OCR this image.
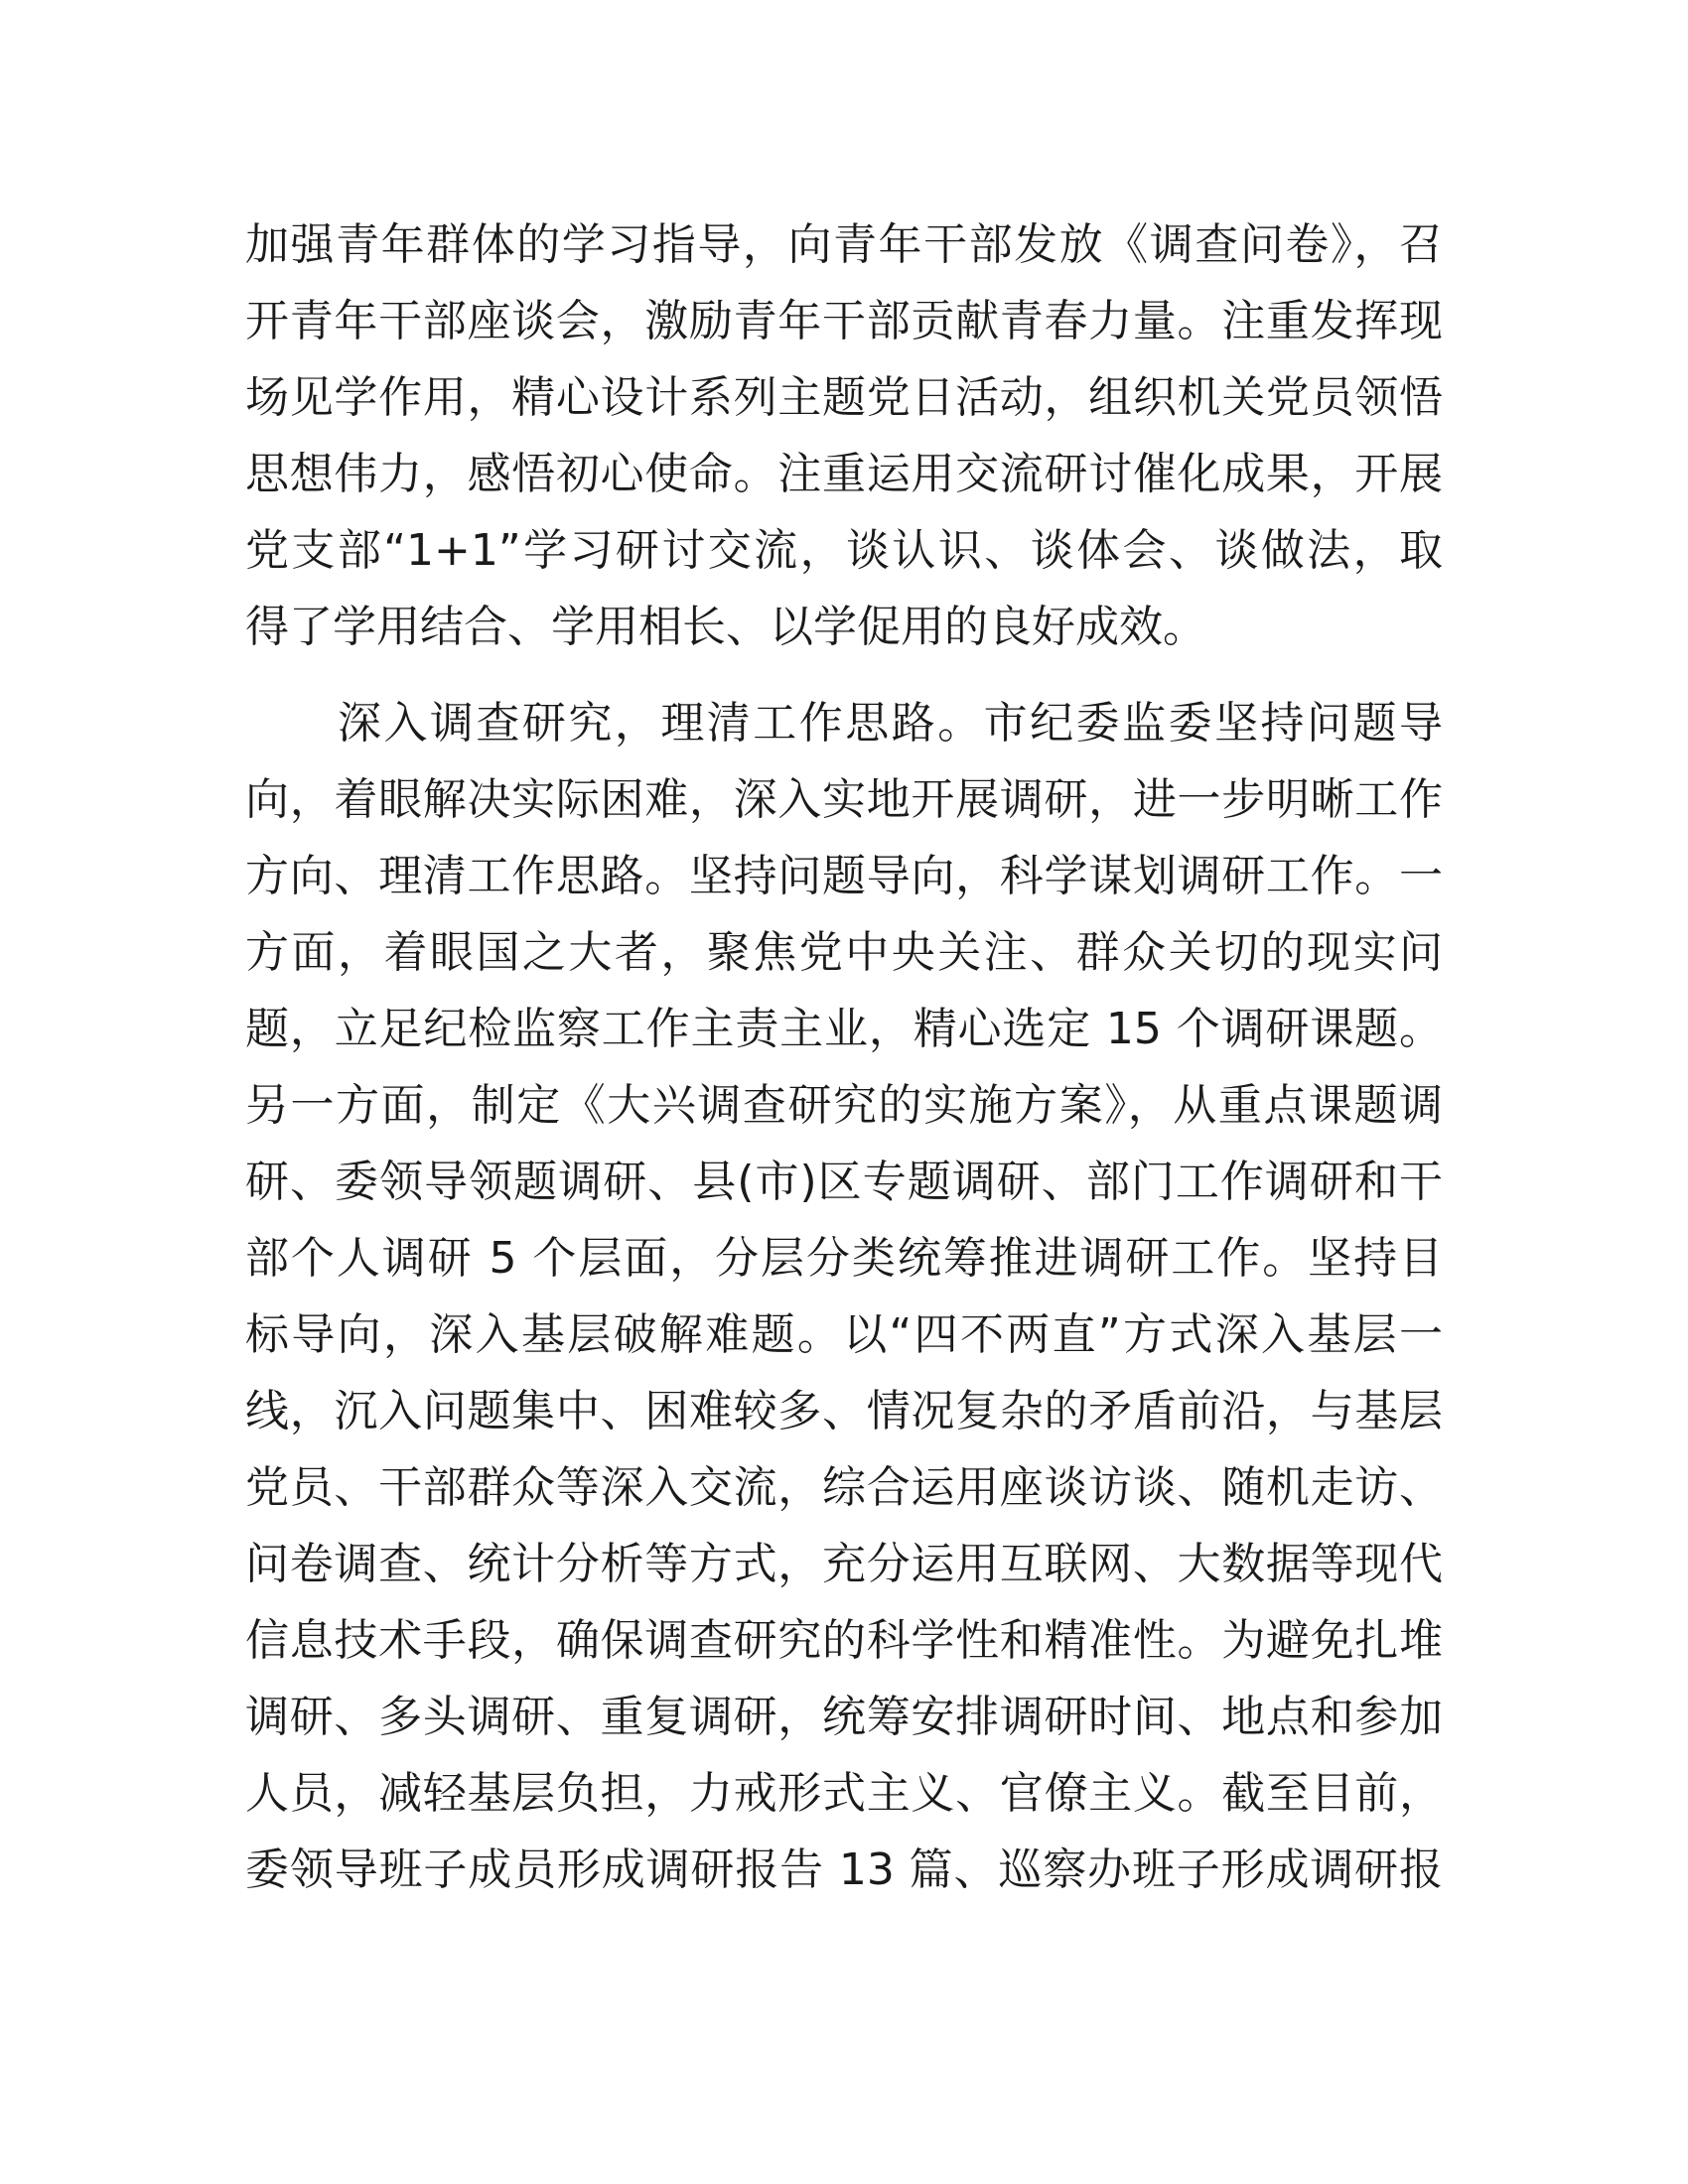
加强青年群体的学习指导，向青年干部发放《调查问卷》，召
开青年干部座谈会，激励青年干部贡献青春力量。注重发挥现
场见学作用，精心设计系列主题党日活动，组织机关党员领悟
思想伟力，感悟初心使命。注重运用交流研讨催化成果，开展
党支部“1+1”学习研讨交流，谈认识、谈体会、谈做法，取
得了学用结合、学用相长、以学促用的良好成效。
　　深入调查研究，理清工作思路。市纪委监委坚持问题导
向，着眼解决实际困难，深入实地开展调研，进一步明晰工作
方向、理清工作思路。坚持问题导向，科学谋划调研工作。一
方面，着眼国之大者，聚焦党中央关注、群众关切的现实问
题，立足纪检监察工作主责主业，精心选定 15 个调研课题。
另一方面，制定《大兴调查研究的实施方案》，从重点课题调
研、委领导领题调研、县(市)区专题调研、部门工作调研和干
部个人调研 5 个层面，分层分类统筹推进调研工作。坚持目
标导向，深入基层破解难题。以“四不两直”方式深入基层一
线，沉入问题集中、困难较多、情况复杂的矛盾前沿，与基层
党员、干部群众等深入交流，综合运用座谈访谈、随机走访、
问卷调查、统计分析等方式，充分运用互联网、大数据等现代
信息技术手段，确保调查研究的科学性和精准性。为避免扎堆
调研、多头调研、重复调研，统筹安排调研时间、地点和参加
人员，减轻基层负担，力戒形式主义、官僚主义。截至目前，
委领导班子成员形成调研报告 13 篇、巡察办班子形成调研报
